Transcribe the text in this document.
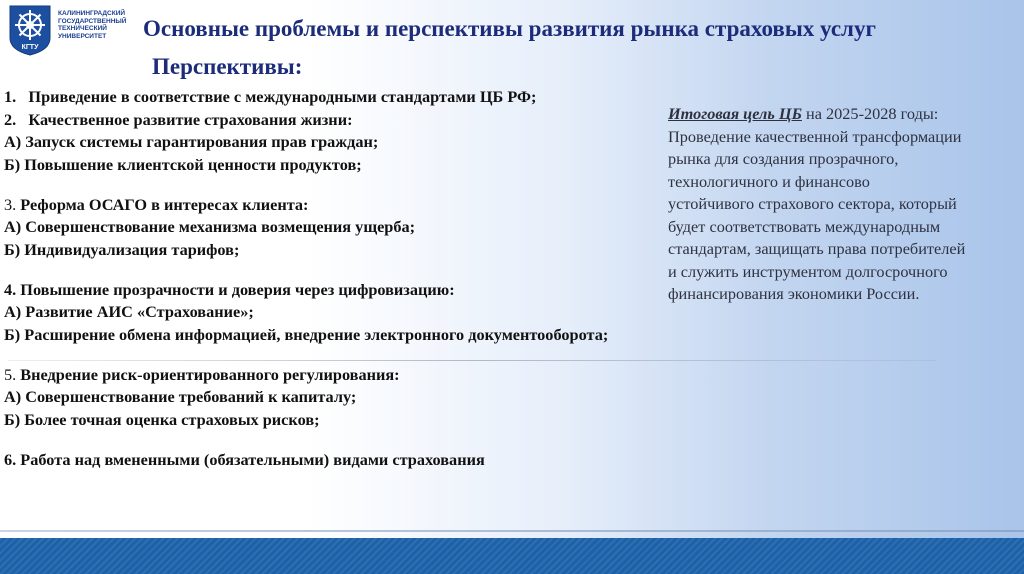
КГТУ
КАЛИНИНГРАДСКИЙ
ГОСУДАРСТВЕННЫЙ
ТЕХНИЧЕСКИЙ
УНИВЕРСИТЕТ	Основные проблемы и перспективы развития рынка страховых услуг
Перспективы:
1.   Приведение в соответствие с международными стандартами ЦБ РФ;
2.   Качественное развитие страхования жизни:
А) Запуск системы гарантирования прав граждан;
Б) Повышение клиентской ценности продуктов;
3. Реформа ОСАГО в интересах клиента:
А) Совершенствование механизма возмещения ущерба;
Б) Индивидуализация тарифов;
4. Повышение прозрачности и доверия через цифровизацию:
А) Развитие АИС «Страхование»;
Б) Расширение обмена информацией, внедрение электронного документооборота;
5. Внедрение риск-ориентированного регулирования:
А) Совершенствование требований к капиталу;
Б) Более точная оценка страховых рисков;
6. Работа над вмененными (обязательными) видами страхования
Итоговая цель ЦБ на 2025-2028 годы:
Проведение качественной трансформации
рынка для создания прозрачного,
технологичного и финансово
устойчивого страхового сектора, который
будет соответствовать международным
стандартам, защищать права потребителей
и служить инструментом долгосрочного
финансирования экономики России.
